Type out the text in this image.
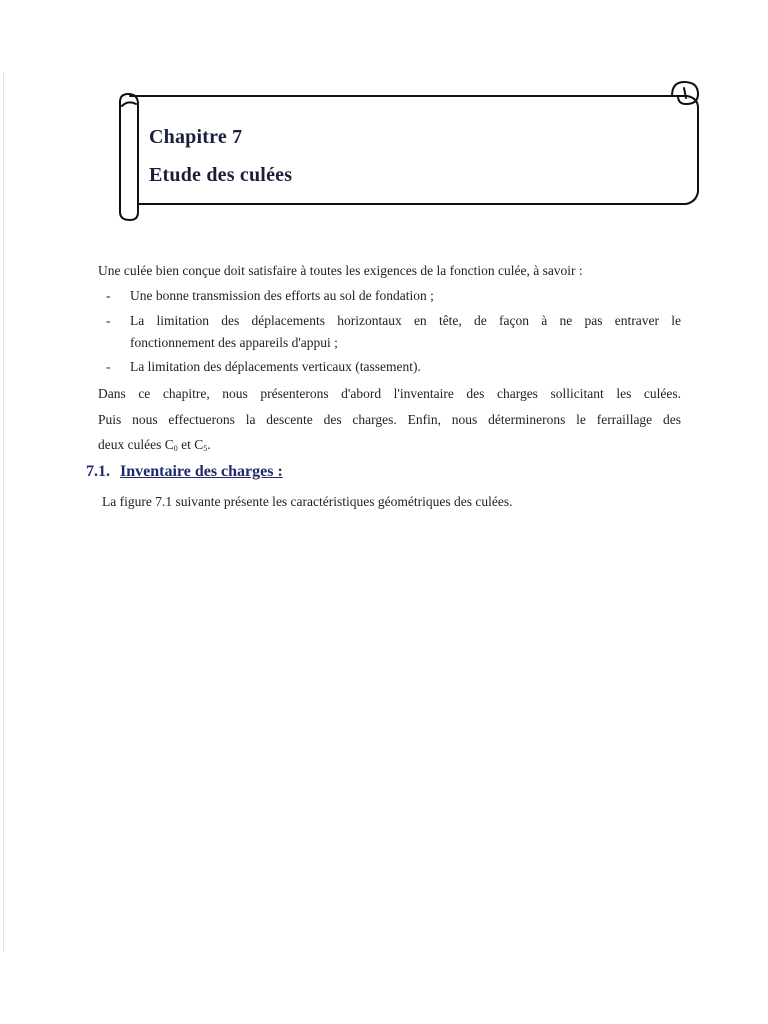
Chapitre 7
Etude des culées

Une culée bien conçue doit satisfaire à toutes les exigences de la fonction culée, à savoir :

- Une bonne transmission des efforts au sol de fondation ;

- La limitation des déplacements horizontaux en tête, de façon à ne pas entraver le

fonctionnement des appareils d'appui ;

- La limitation des déplacements verticaux (tassement).

Dans ce chapitre, nous présenterons d'abord l'inventaire des charges sollicitant les culées.

Puis nous effectuerons la descente des charges. Enfin, nous déterminerons le ferraillage des

deux culées $C_0$ et $C_5$.

7.1. Inventaire des charges :

La figure 7.1 suivante présente les caractéristiques géométriques des culées.
